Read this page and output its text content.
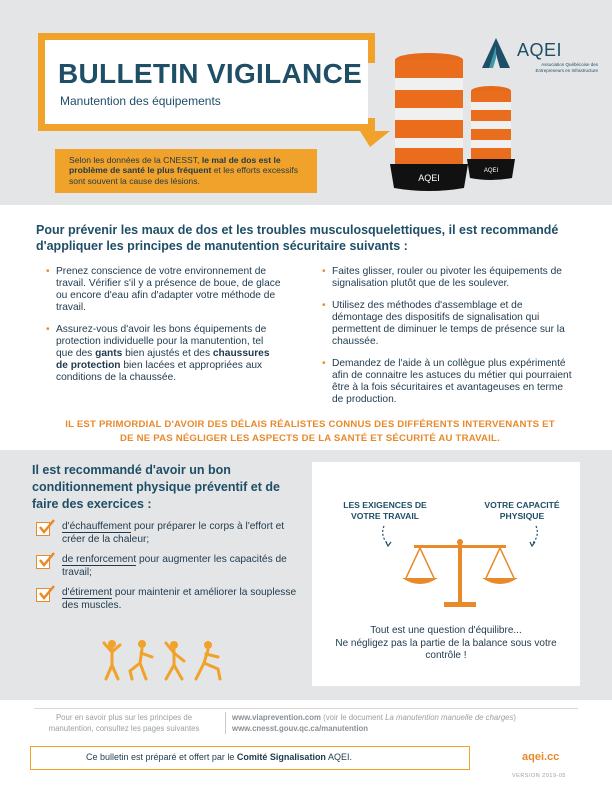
BULLETIN VIGILANCE
Manutention des équipements
Selon les données de la CNESST, le mal de dos est le problème de santé le plus fréquent et les efforts excessifs sont souvent la cause des lésions.	AQEI
AQEI
AQEI
Association Québécoise des Entrepreneurs en Infrastructure
Pour prévenir les maux de dos et les troubles musculosquelettiques, il est recommandé d'appliquer les principes de manutention sécuritaire suivants :
• Prenez conscience de votre environnement de travail. Vérifier s'il y a présence de boue, de glace ou encore d'eau afin d'adapter votre méthode de travail.
• Assurez-vous d'avoir les bons équipements de protection individuelle pour la manutention, tel que des gants bien ajustés et des chaussures de protection bien lacées et appropriées aux conditions de la chaussée.
• Faites glisser, rouler ou pivoter les équipements de signalisation plutôt que de les soulever.
• Utilisez des méthodes d'assemblage et de démontage des dispositifs de signalisation qui permettent de diminuer le temps de présence sur la chaussée.
• Demandez de l'aide à un collègue plus expérimenté afin de connaitre les astuces du métier qui pourraient être à la fois sécuritaires et avantageuses en terme de production.
IL EST PRIMORDIAL D'AVOIR DES DÉLAIS RÉALISTES CONNUS DES DIFFÉRENTS INTERVENANTS ET DE NE PAS NÉGLIGER LES ASPECTS DE LA SANTÉ ET SÉCURITÉ AU TRAVAIL.
Il est recommandé d'avoir un bon conditionnement physique préventif et de faire des exercices :
d'échauffement pour préparer le corps à l'effort et créer de la chaleur;
de renforcement pour augmenter les capacités de travail;
d'étirement pour maintenir et améliorer la souplesse des muscles.
LES EXIGENCES DE VOTRE TRAVAIL
VOTRE CAPACITÉ PHYSIQUE
Tout est une question d'équilibre...
Ne négligez pas la partie de la balance sous votre contrôle !
Pour en savoir plus sur les principes de manutention, consultez les pages suivantes
www.viaprevention.com (voir le document La manutention manuelle de charges)
www.cnesst.gouv.qc.ca/manutention
Ce bulletin est préparé et offert par le Comité Signalisation AQEI.	aqei.cc
VERSION 2019-05
